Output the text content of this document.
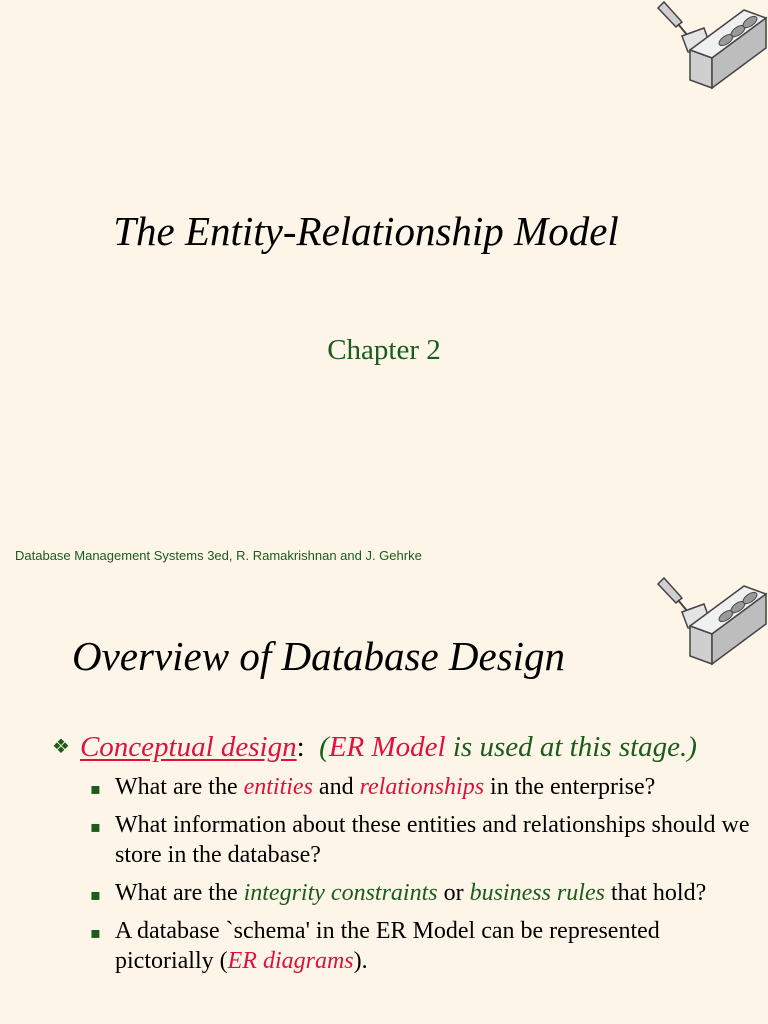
The Entity-Relationship Model
Chapter 2
Database Management Systems 3ed, R. Ramakrishnan and J. Gehrke
Overview of Database Design
❖ Conceptual design: (ER Model is used at this stage.)
▪ What are the entities and relationships in the enterprise?
▪ What information about these entities and relationships should we store in the database?
▪ What are the integrity constraints or business rules that hold?
▪ A database `schema' in the ER Model can be represented pictorially (ER diagrams).
